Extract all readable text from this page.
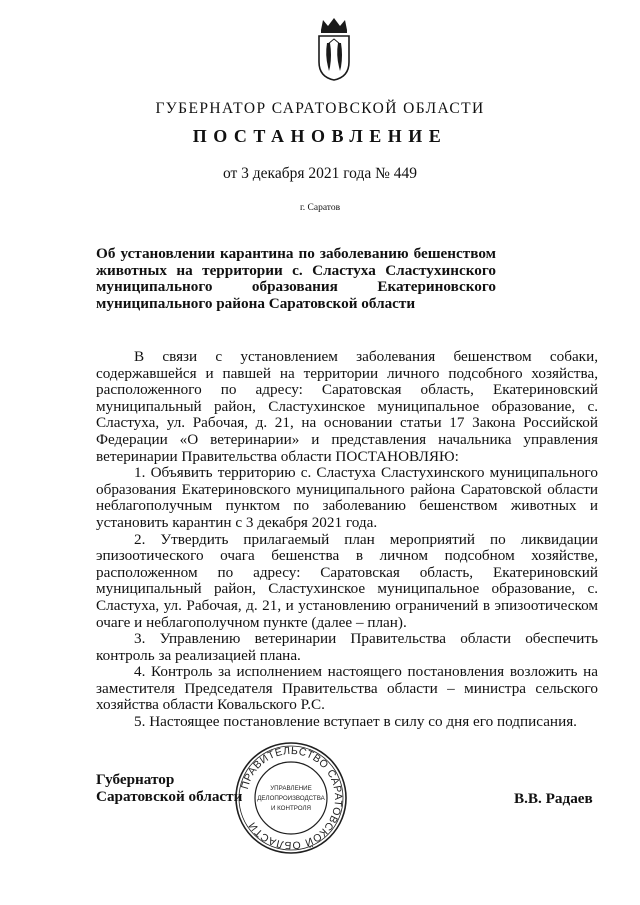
ГУБЕРНАТОР САРАТОВСКОЙ ОБЛАСТИ
ПОСТАНОВЛЕНИЕ
от 3 декабря 2021 года № 449
г. Саратов

Об установлении карантина по заболеванию бешенством животных на территории с. Сластуха Сластухинского муниципального образования Екатериновского муниципального района Саратовской области

В связи с установлением заболевания бешенством собаки, содержавшейся и павшей на территории личного подсобного хозяйства, расположенного по адресу: Саратовская область, Екатериновский муниципальный район, Сластухинское муниципальное образование, с. Сластуха, ул. Рабочая, д. 21, на основании статьи 17 Закона Российской Федерации «О ветеринарии» и представления начальника управления ветеринарии Правительства области ПОСТАНОВЛЯЮ:

1. Объявить территорию с. Сластуха Сластухинского муниципального образования Екатериновского муниципального района Саратовской области неблагополучным пунктом по заболеванию бешенством животных и установить карантин с 3 декабря 2021 года.

2. Утвердить прилагаемый план мероприятий по ликвидации эпизоотического очага бешенства в личном подсобном хозяйстве, расположенном по адресу: Саратовская область, Екатериновский муниципальный район, Сластухинское муниципальное образование, с. Сластуха, ул. Рабочая, д. 21, и установлению ограничений в эпизоотическом очаге и неблагополучном пункте (далее – план).

3. Управлению ветеринарии Правительства области обеспечить контроль за реализацией плана.

4. Контроль за исполнением настоящего постановления возложить на заместителя Председателя Правительства области – министра сельского хозяйства области Ковальского Р.С.

5. Настоящее постановление вступает в силу со дня его подписания.

Губернатор
Саратовской области
ПРАВИТЕЛЬСТВО САРАТОВСКОЙ ОБЛАСТИ
УПРАВЛЕНИЕ
ДЕЛОПРОИЗВОДСТВА
И КОНТРОЛЯ
В.В. Радаев
